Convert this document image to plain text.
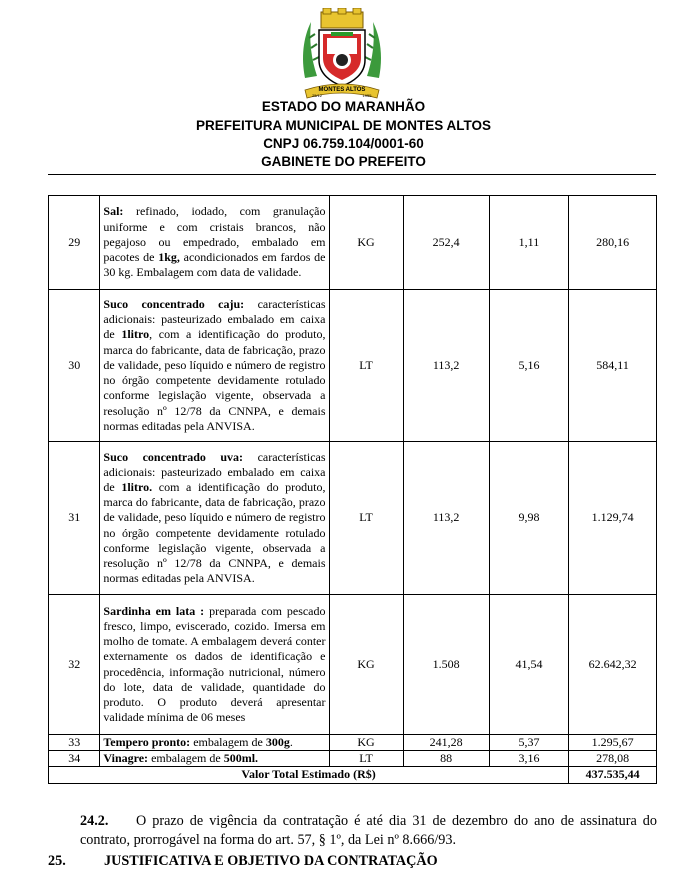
MONTES ALTOS
25/12	1955
ESTADO DO MARANHÃO
PREFEITURA MUNICIPAL DE MONTES ALTOS
CNPJ 06.759.104/0001-60
GABINETE DO PREFEITO
29	Sal: refinado, iodado, com granulação uniforme e com cristais brancos, não pegajoso ou empedrado, embalado em pacotes de 1kg, acondicionados em fardos de 30 kg. Embalagem com data de validade.	KG	252,4	1,11	280,16
30	Suco concentrado caju: características adicionais: pasteurizado embalado em caixa de 1litro, com a identificação do produto, marca do fabricante, data de fabricação, prazo de validade, peso líquido e número de registro no órgão competente devidamente rotulado conforme legislação vigente, observada a resolução nº 12/78 da CNNPA, e demais normas editadas pela ANVISA.	LT	113,2	5,16	584,11
31	Suco concentrado uva: características adicionais: pasteurizado embalado em caixa de 1litro. com a identificação do produto, marca do fabricante, data de fabricação, prazo de validade, peso líquido e número de registro no órgão competente devidamente rotulado conforme legislação vigente, observada a resolução nº 12/78 da CNNPA, e demais normas editadas pela ANVISA.	LT	113,2	9,98	1.129,74
32	Sardinha em lata : preparada com pescado fresco, limpo, eviscerado, cozido. Imersa em molho de tomate. A embalagem deverá conter externamente os dados de identificação e procedência, informação nutricional, número do lote, data de validade, quantidade do produto. O produto deverá apresentar validade mínima de 06 meses	KG	1.508	41,54	62.642,32
33	Tempero pronto: embalagem de 300g.	KG	241,28	5,37	1.295,67
34	Vinagre: embalagem de 500ml.	LT	88	3,16	278,08
Valor Total Estimado (R$)					437.535,44
24.2. O prazo de vigência da contratação é até dia 31 de dezembro do ano de assinatura do contrato, prorrogável na forma do art. 57, § 1º, da Lei nº 8.666/93.
25.	JUSTIFICATIVA E OBJETIVO DA CONTRATAÇÃO
